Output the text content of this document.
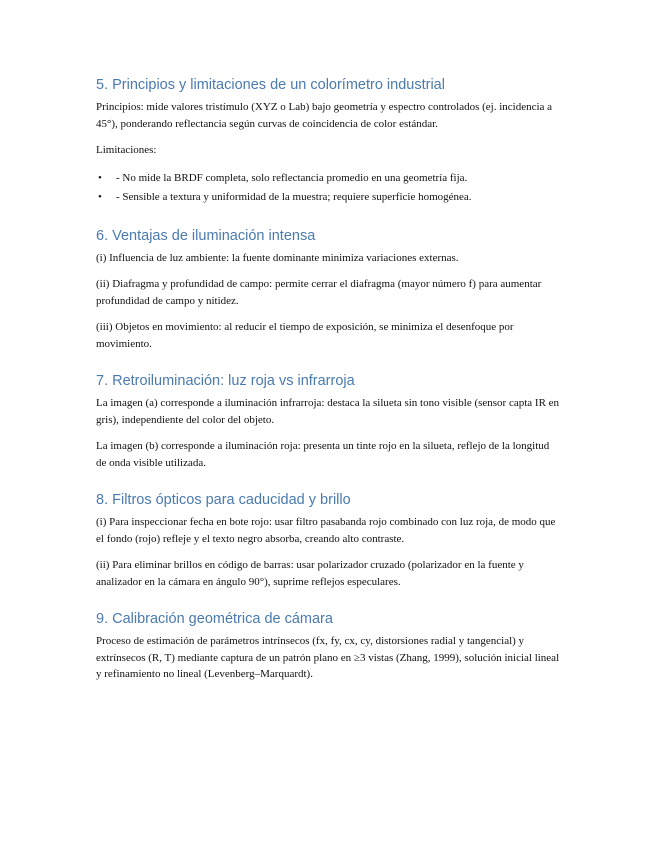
5. Principios y limitaciones de un colorímetro industrial

Principios: mide valores tristímulo (XYZ o Lab) bajo geometría y espectro controlados (ej. incidencia a 45°), ponderando reflectancia según curvas de coincidencia de color estándar.

Limitaciones:

• - No mide la BRDF completa, solo reflectancia promedio en una geometría fija.
• - Sensible a textura y uniformidad de la muestra; requiere superficie homogénea.
6. Ventajas de iluminación intensa

(i) Influencia de luz ambiente: la fuente dominante minimiza variaciones externas.

(ii) Diafragma y profundidad de campo: permite cerrar el diafragma (mayor número f) para aumentar profundidad de campo y nitidez.

(iii) Objetos en movimiento: al reducir el tiempo de exposición, se minimiza el desenfoque por movimiento.

7. Retroiluminación: luz roja vs infrarroja

La imagen (a) corresponde a iluminación infrarroja: destaca la silueta sin tono visible (sensor capta IR en gris), independiente del color del objeto.

La imagen (b) corresponde a iluminación roja: presenta un tinte rojo en la silueta, reflejo de la longitud de onda visible utilizada.

8. Filtros ópticos para caducidad y brillo

(i) Para inspeccionar fecha en bote rojo: usar filtro pasabanda rojo combinado con luz roja, de modo que el fondo (rojo) refleje y el texto negro absorba, creando alto contraste.

(ii) Para eliminar brillos en código de barras: usar polarizador cruzado (polarizador en la fuente y analizador en la cámara en ángulo 90°), suprime reflejos especulares.

9. Calibración geométrica de cámara

Proceso de estimación de parámetros intrínsecos (fx, fy, cx, cy, distorsiones radial y tangencial) y extrínsecos (R, T) mediante captura de un patrón plano en ≥3 vistas (Zhang, 1999), solución inicial lineal y refinamiento no lineal (Levenberg–Marquardt).
